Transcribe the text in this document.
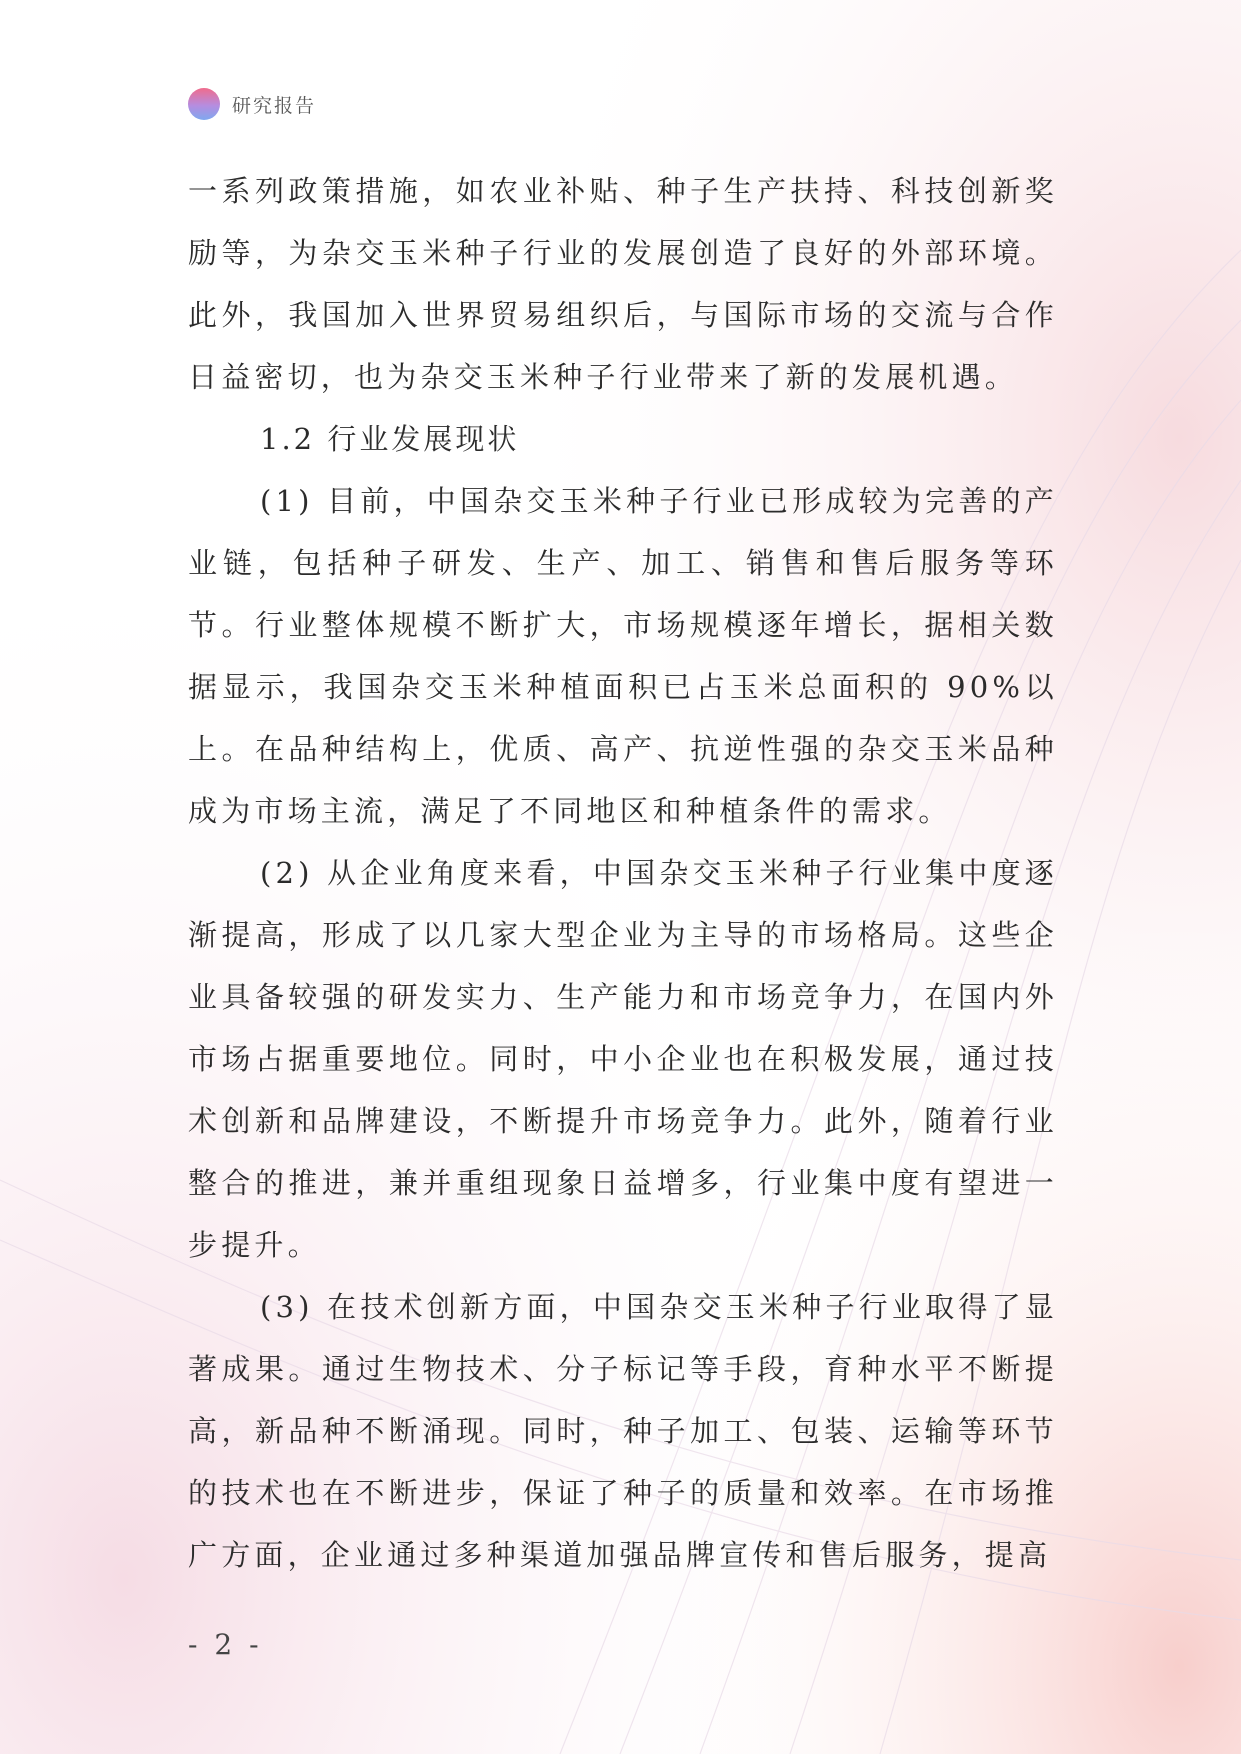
研究报告

一系列政策措施，如农业补贴、种子生产扶持、科技创新奖励等，为杂交玉米种子行业的发展创造了良好的外部环境。此外，我国加入世界贸易组织后，与国际市场的交流与合作日益密切，也为杂交玉米种子行业带来了新的发展机遇。

1.2 行业发展现状

(1) 目前，中国杂交玉米种子行业已形成较为完善的产业链，包括种子研发、生产、加工、销售和售后服务等环节。行业整体规模不断扩大，市场规模逐年增长，据相关数据显示，我国杂交玉米种植面积已占玉米总面积的 90%以上。在品种结构上，优质、高产、抗逆性强的杂交玉米品种成为市场主流，满足了不同地区和种植条件的需求。

(2) 从企业角度来看，中国杂交玉米种子行业集中度逐渐提高，形成了以几家大型企业为主导的市场格局。这些企业具备较强的研发实力、生产能力和市场竞争力，在国内外市场占据重要地位。同时，中小企业也在积极发展，通过技术创新和品牌建设，不断提升市场竞争力。此外，随着行业整合的推进，兼并重组现象日益增多，行业集中度有望进一步提升。

(3) 在技术创新方面，中国杂交玉米种子行业取得了显著成果。通过生物技术、分子标记等手段，育种水平不断提高，新品种不断涌现。同时，种子加工、包装、运输等环节的技术也在不断进步，保证了种子的质量和效率。在市场推广方面，企业通过多种渠道加强品牌宣传和售后服务，提高

- 2 -
